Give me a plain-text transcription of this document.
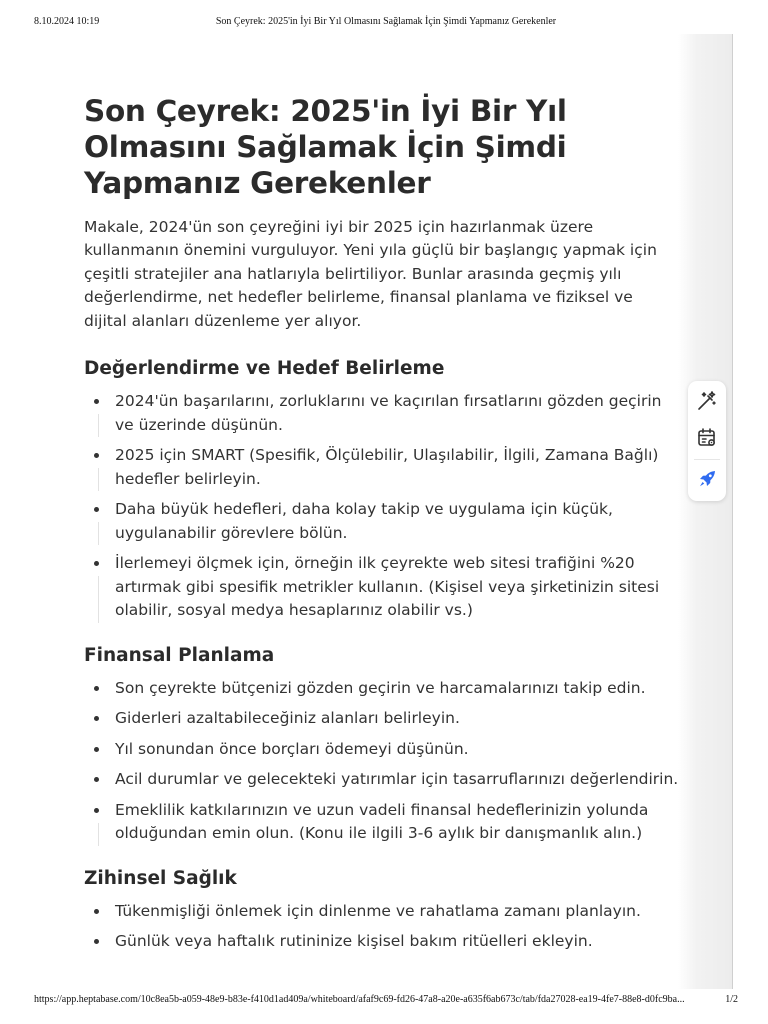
8.10.2024 10:19	Son Çeyrek: 2025'in İyi Bir Yıl Olmasını Sağlamak İçin Şimdi Yapmanız Gerekenler
Son Çeyrek: 2025'in İyi Bir Yıl Olmasını Sağlamak İçin Şimdi Yapmanız Gerekenler

Makale, 2024'ün son çeyreğini iyi bir 2025 için hazırlanmak üzere kullanmanın önemini vurguluyor. Yeni yıla güçlü bir başlangıç yapmak için çeşitli stratejiler ana hatlarıyla belirtiliyor. Bunlar arasında geçmiş yılı değerlendirme, net hedefler belirleme, finansal planlama ve fiziksel ve dijital alanları düzenleme yer alıyor.

Değerlendirme ve Hedef Belirleme
2024'ün başarılarını, zorluklarını ve kaçırılan fırsatlarını gözden geçirin ve üzerinde düşünün.
2025 için SMART (Spesifik, Ölçülebilir, Ulaşılabilir, İlgili, Zamana Bağlı) hedefler belirleyin.
Daha büyük hedefleri, daha kolay takip ve uygulama için küçük, uygulanabilir görevlere bölün.
İlerlemeyi ölçmek için, örneğin ilk çeyrekte web sitesi trafiğini %20 artırmak gibi spesifik metrikler kullanın. (Kişisel veya şirketinizin sitesi olabilir, sosyal medya hesaplarınız olabilir vs.)
Finansal Planlama
Son çeyrekte bütçenizi gözden geçirin ve harcamalarınızı takip edin.
Giderleri azaltabileceğiniz alanları belirleyin.
Yıl sonundan önce borçları ödemeyi düşünün.
Acil durumlar ve gelecekteki yatırımlar için tasarruflarınızı değerlendirin.
Emeklilik katkılarınızın ve uzun vadeli finansal hedeflerinizin yolunda olduğundan emin olun. (Konu ile ilgili 3-6 aylık bir danışmanlık alın.)
Zihinsel Sağlık
Tükenmişliği önlemek için dinlenme ve rahatlama zamanı planlayın.
Günlük veya haftalık rutininize kişisel bakım ritüelleri ekleyin.
https://app.heptabase.com/10c8ea5b-a059-48e9-b83e-f410d1ad409a/whiteboard/afaf9c69-fd26-47a8-a20e-a635f6ab673c/tab/fda27028-ea19-4fe7-88e8-d0fc9ba...	1/2
